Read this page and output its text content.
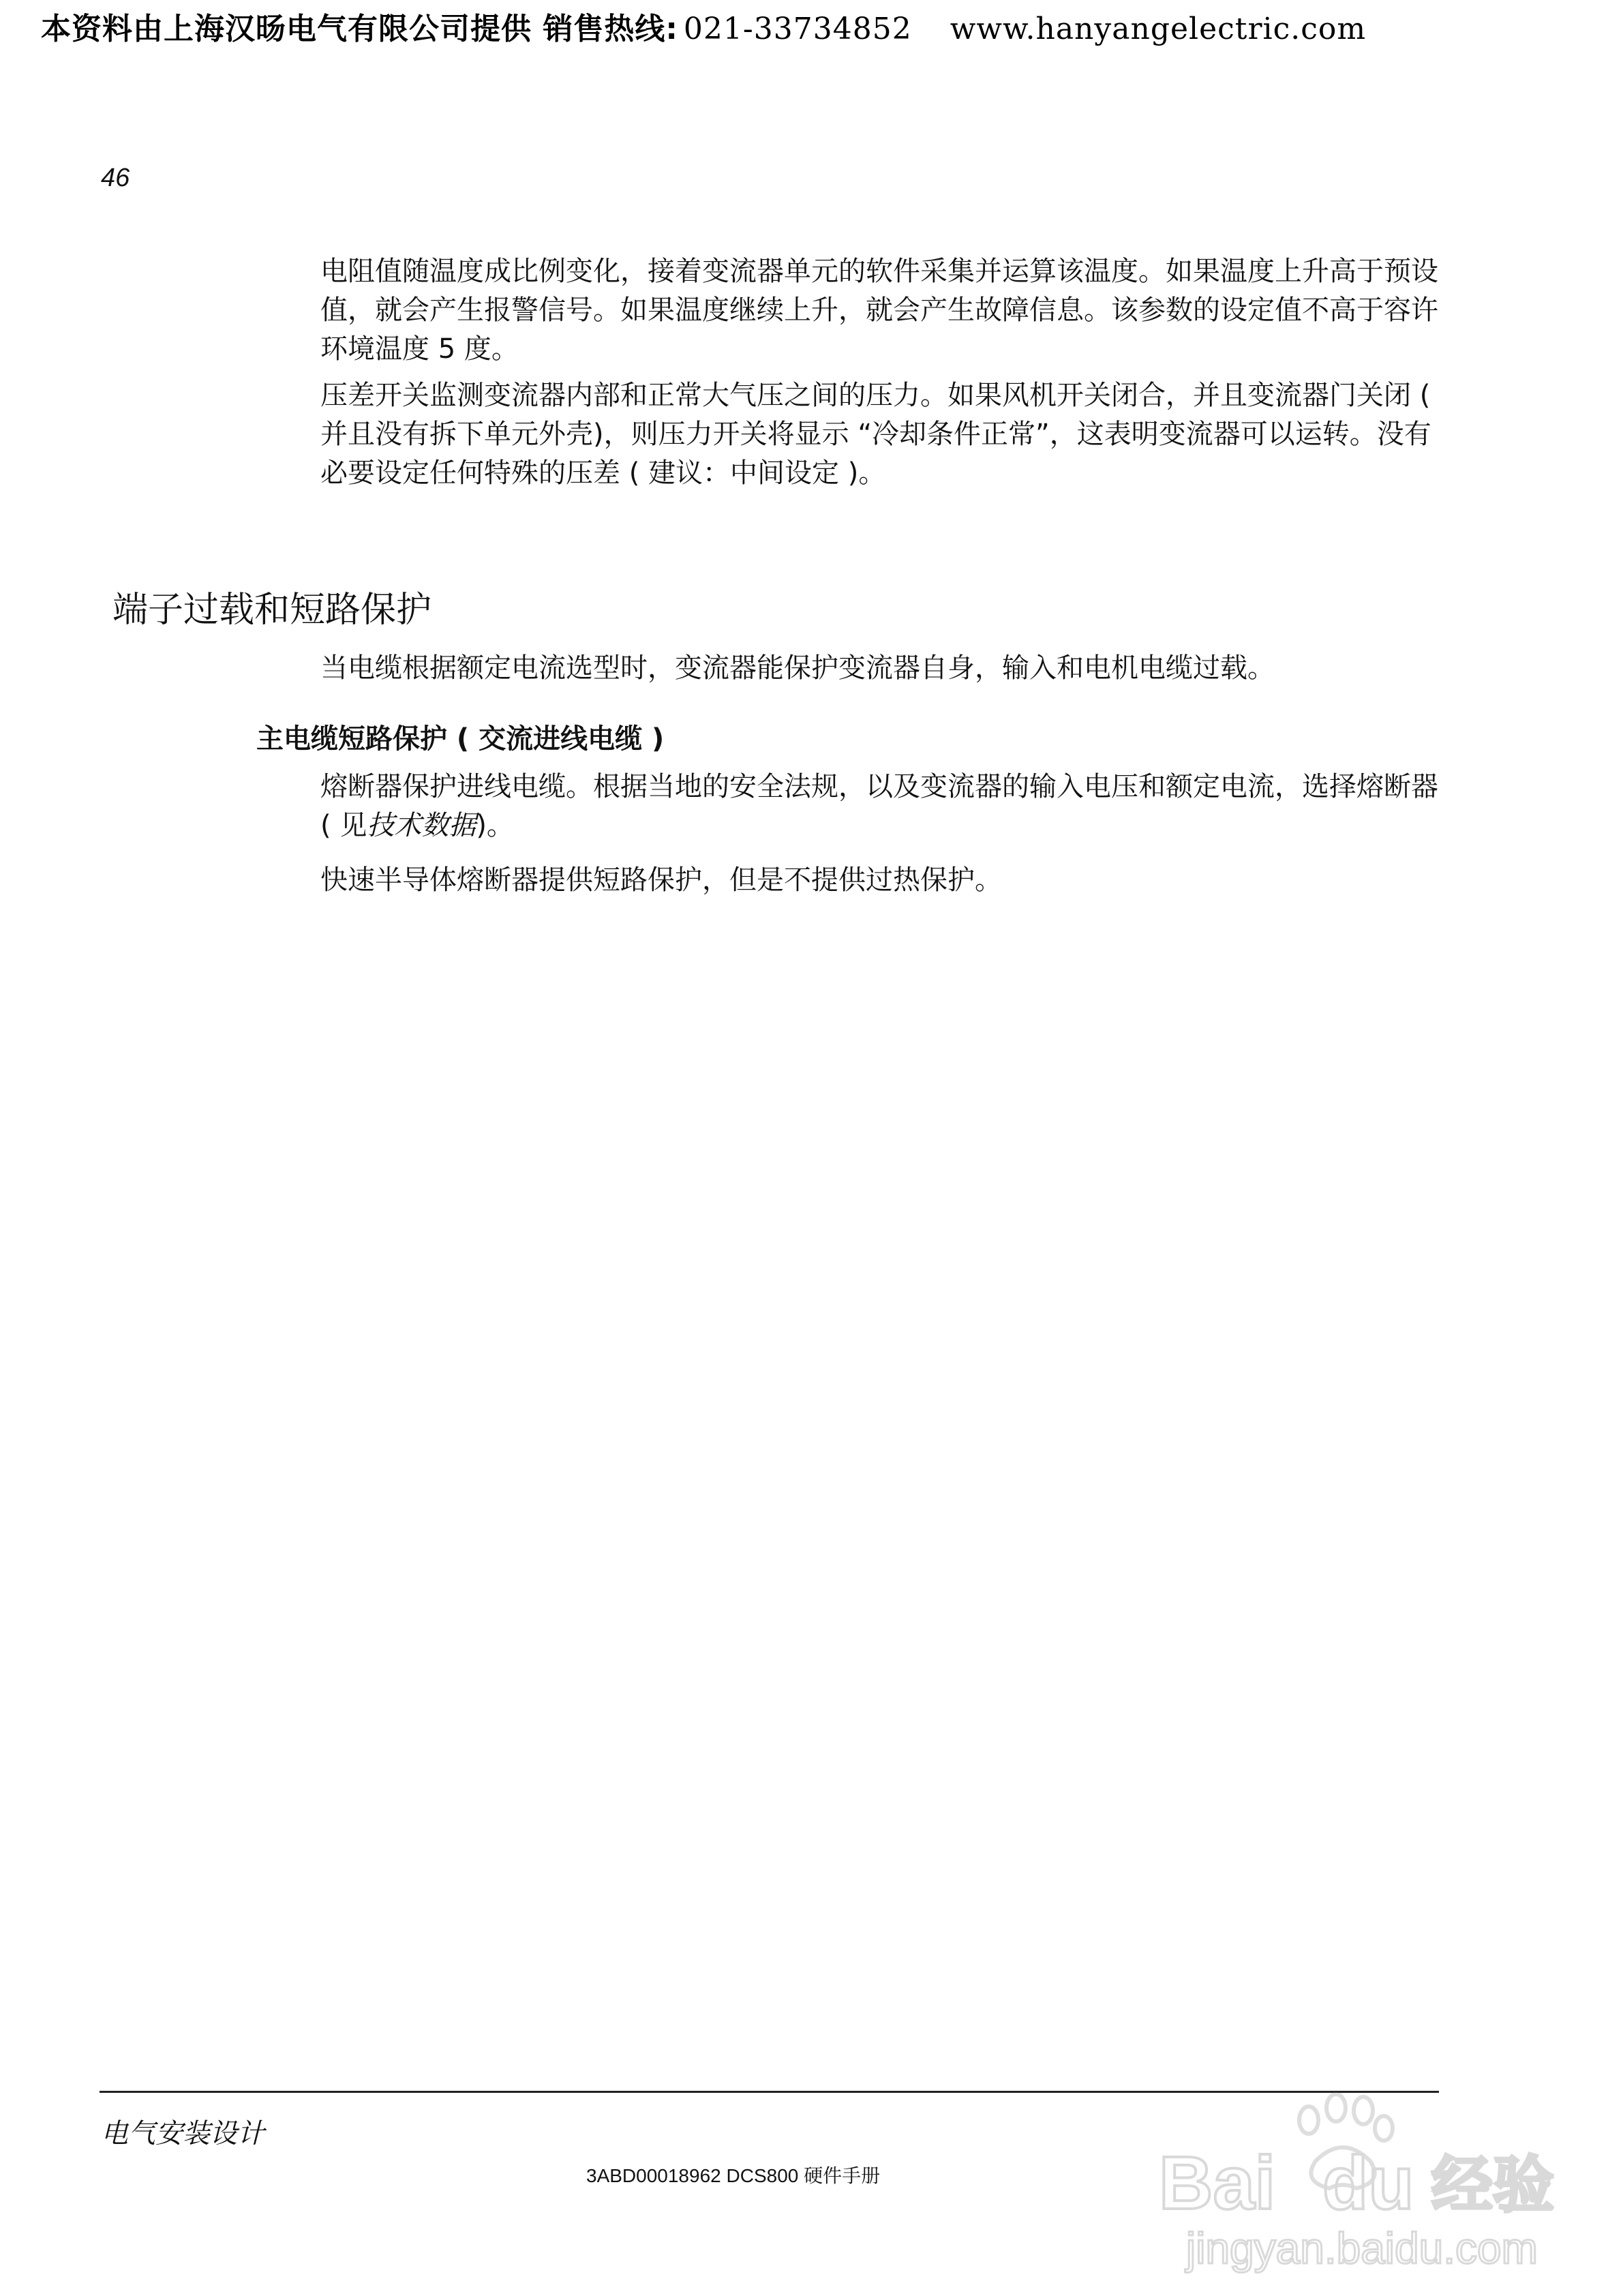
本资料由上海汉旸电气有限公司提供 销售热线: 021-33734852 www.hanyangelectric.com
46

电阻值随温度成比例变化，接着变流器单元的软件采集并运算该温度。如果温度上升高于预设值，就会产生报警信号。如果温度继续上升，就会产生故障信息。该参数的设定值不高于容许环境温度 5 度。

压差开关监测变流器内部和正常大气压之间的压力。如果风机开关闭合，并且变流器门关闭 ( 并且没有拆下单元外壳)，则压力开关将显示 “冷却条件正常”，这表明变流器可以运转。没有必要设定任何特殊的压差 ( 建议：中间设定 )。

端子过载和短路保护

当电缆根据额定电流选型时，变流器能保护变流器自身，输入和电机电缆过载。

主电缆短路保护 ( 交流进线电缆 )

熔断器保护进线电缆。根据当地的安全法规，以及变流器的输入电压和额定电流，选择熔断器 ( 见技术数据)。

快速半导体熔断器提供短路保护，但是不提供过热保护。

电气安装设计
3ABD00018962 DCS800 硬件手册	Bai du 经验
jingyan.baidu.com
